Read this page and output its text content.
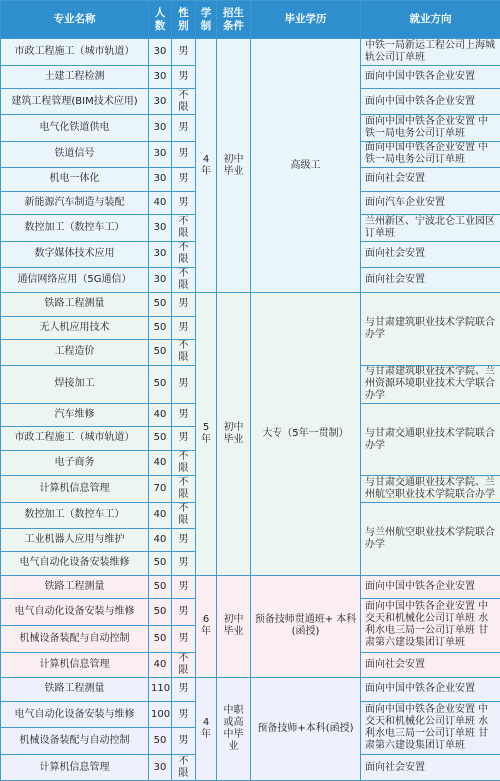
专业名称	人数	性别	学制	招生条件	毕业学历	就业方向
市政工程施工（城市轨道）	30	男	4年	初中毕业	高级工	中铁一局新运工程公司上海城轨公司订单班
土建工程检测	30	男				面向中国中铁各企业安置
建筑工程管理(BIM技术应用)	30	不限				面向中国中铁各企业安置
电气化铁道供电	30	男				面向中国中铁各企业安置 中铁一局电务公司订单班
铁道信号	30	男				面向中国中铁各企业安置 中铁一局电务公司订单班
机电一体化	30	男				面向社会安置
新能源汽车制造与装配	40	男				面向汽车企业安置
数控加工（数控车工）	30	不限				兰州新区、宁波北仑工业园区订单班
数字媒体技术应用	30	不限				面向社会安置
通信网络应用（5G通信）	30	不限				面向社会安置
铁路工程测量	50	男	5年	初中毕业	大专（5年一贯制）	与甘肃建筑职业技术学院联合办学
无人机应用技术	50	男				
工程造价	50	不限				
焊接加工	50	男				与甘肃建筑职业技术学院、兰州资源环境职业技术大学联合办学
汽车维修	40	男				与甘肃交通职业技术学院联合办学
市政工程施工（城市轨道）	50	男				
电子商务	40	不限				
计算机信息管理	70	不限				与甘肃交通职业技术学院、兰州航空职业技术学院联合办学
数控加工（数控车工）	40	不限				与兰州航空职业技术学院联合办学
工业机器人应用与维护	40	男				
电气自动化设备安装维修	50	男				
铁路工程测量	50	男	6年	初中毕业	预备技师贯通班+ 本科(函授)	面向中国中铁各企业安置
电气自动化设备安装与维修	50	男				面向中国中铁各企业安置 中交天和机械化公司订单班 水利水电三局一公司订单班 甘肃第六建设集团订单班
机械设备装配与自动控制	50	男				
计算机信息管理	40	不限				面向社会安置
铁路工程测量	110	男	4年	中职或高中毕业	预备技师+本科(函授)	面向中国中铁各企业安置
电气自动化设备安装与维修	100	男				面向中国中铁各企业安置 中交天和机械化公司订单班 水利水电三局一公司订单班 甘肃第六建设集团订单班
机械设备装配与自动控制	50	男				
计算机信息管理	30	不限				面向社会安置
